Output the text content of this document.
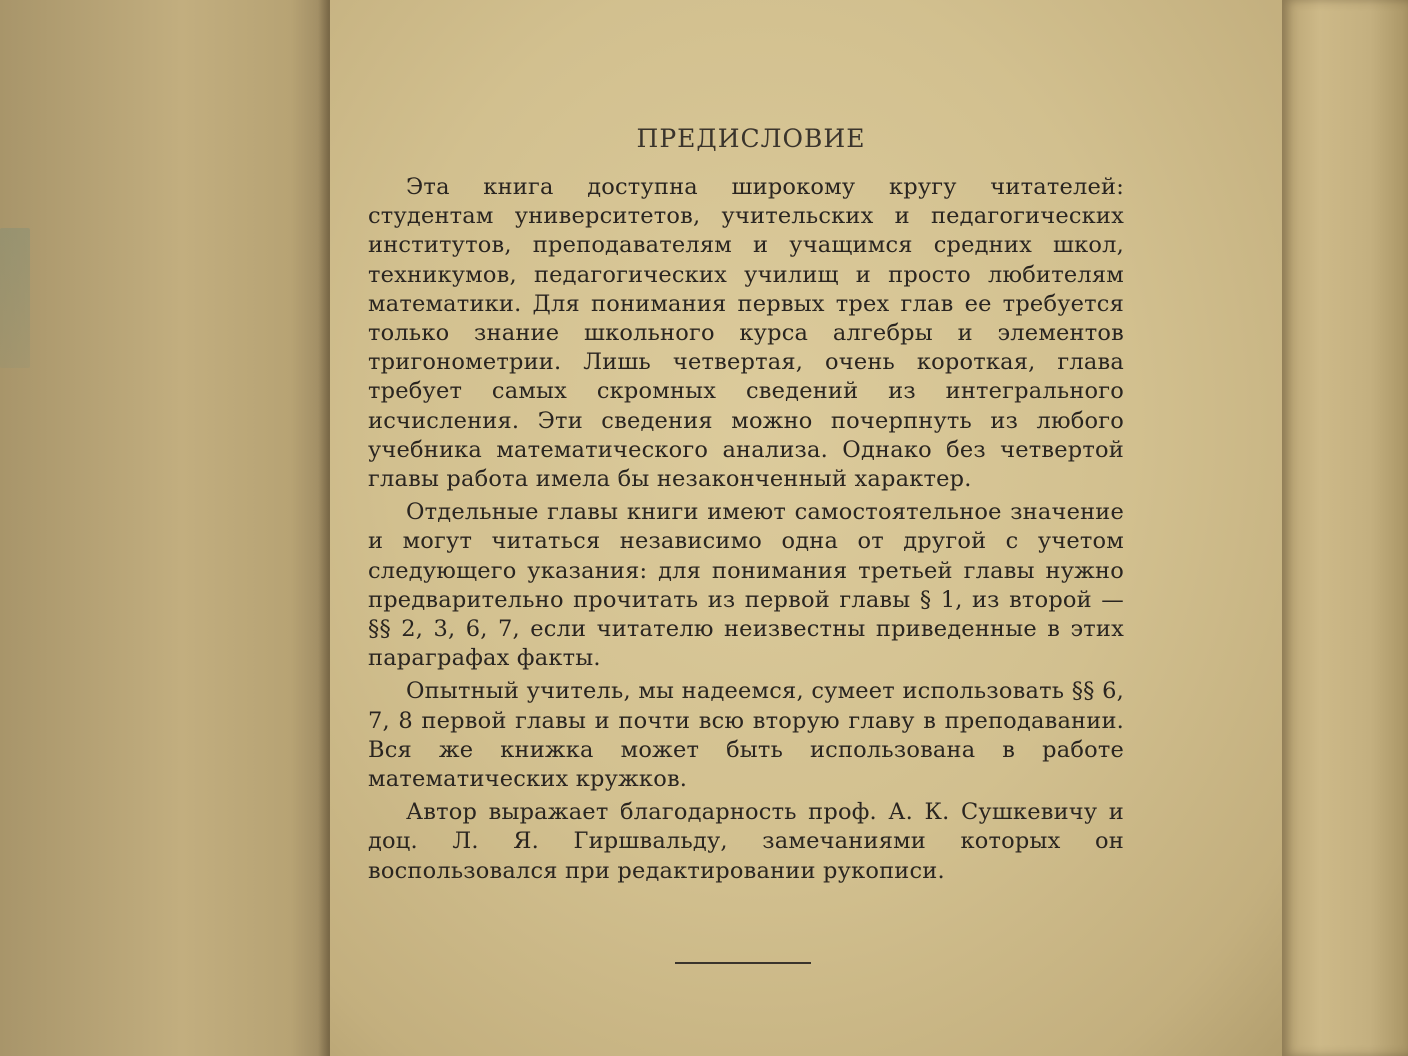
ПРЕДИСЛОВИЕ

Эта книга доступна широкому кругу читателей: студентам университетов, учительских и педагогических институтов, преподавателям и учащимся средних школ, техникумов, педагогических училищ и просто любителям математики. Для понимания первых трех глав ее требуется только знание школьного курса алгебры и элементов тригонометрии. Лишь четвертая, очень короткая, глава требует самых скромных сведений из интегрального исчисления. Эти сведения можно почерпнуть из любого учебника математического анализа. Однако без четвертой главы работа имела бы незаконченный характер.

Отдельные главы книги имеют самостоятельное значение и могут читаться независимо одна от другой с учетом следующего указания: для понимания третьей главы нужно предварительно прочитать из первой главы § 1, из второй — §§ 2, 3, 6, 7, если читателю неизвестны приведенные в этих параграфах факты.

Опытный учитель, мы надеемся, сумеет использовать §§ 6, 7, 8 первой главы и почти всю вторую главу в преподавании. Вся же книжка может быть использована в работе математических кружков.

Автор выражает благодарность проф. А. К. Сушкевичу и доц. Л. Я. Гиршвальду, замечаниями которых он воспользовался при редактировании рукописи.
